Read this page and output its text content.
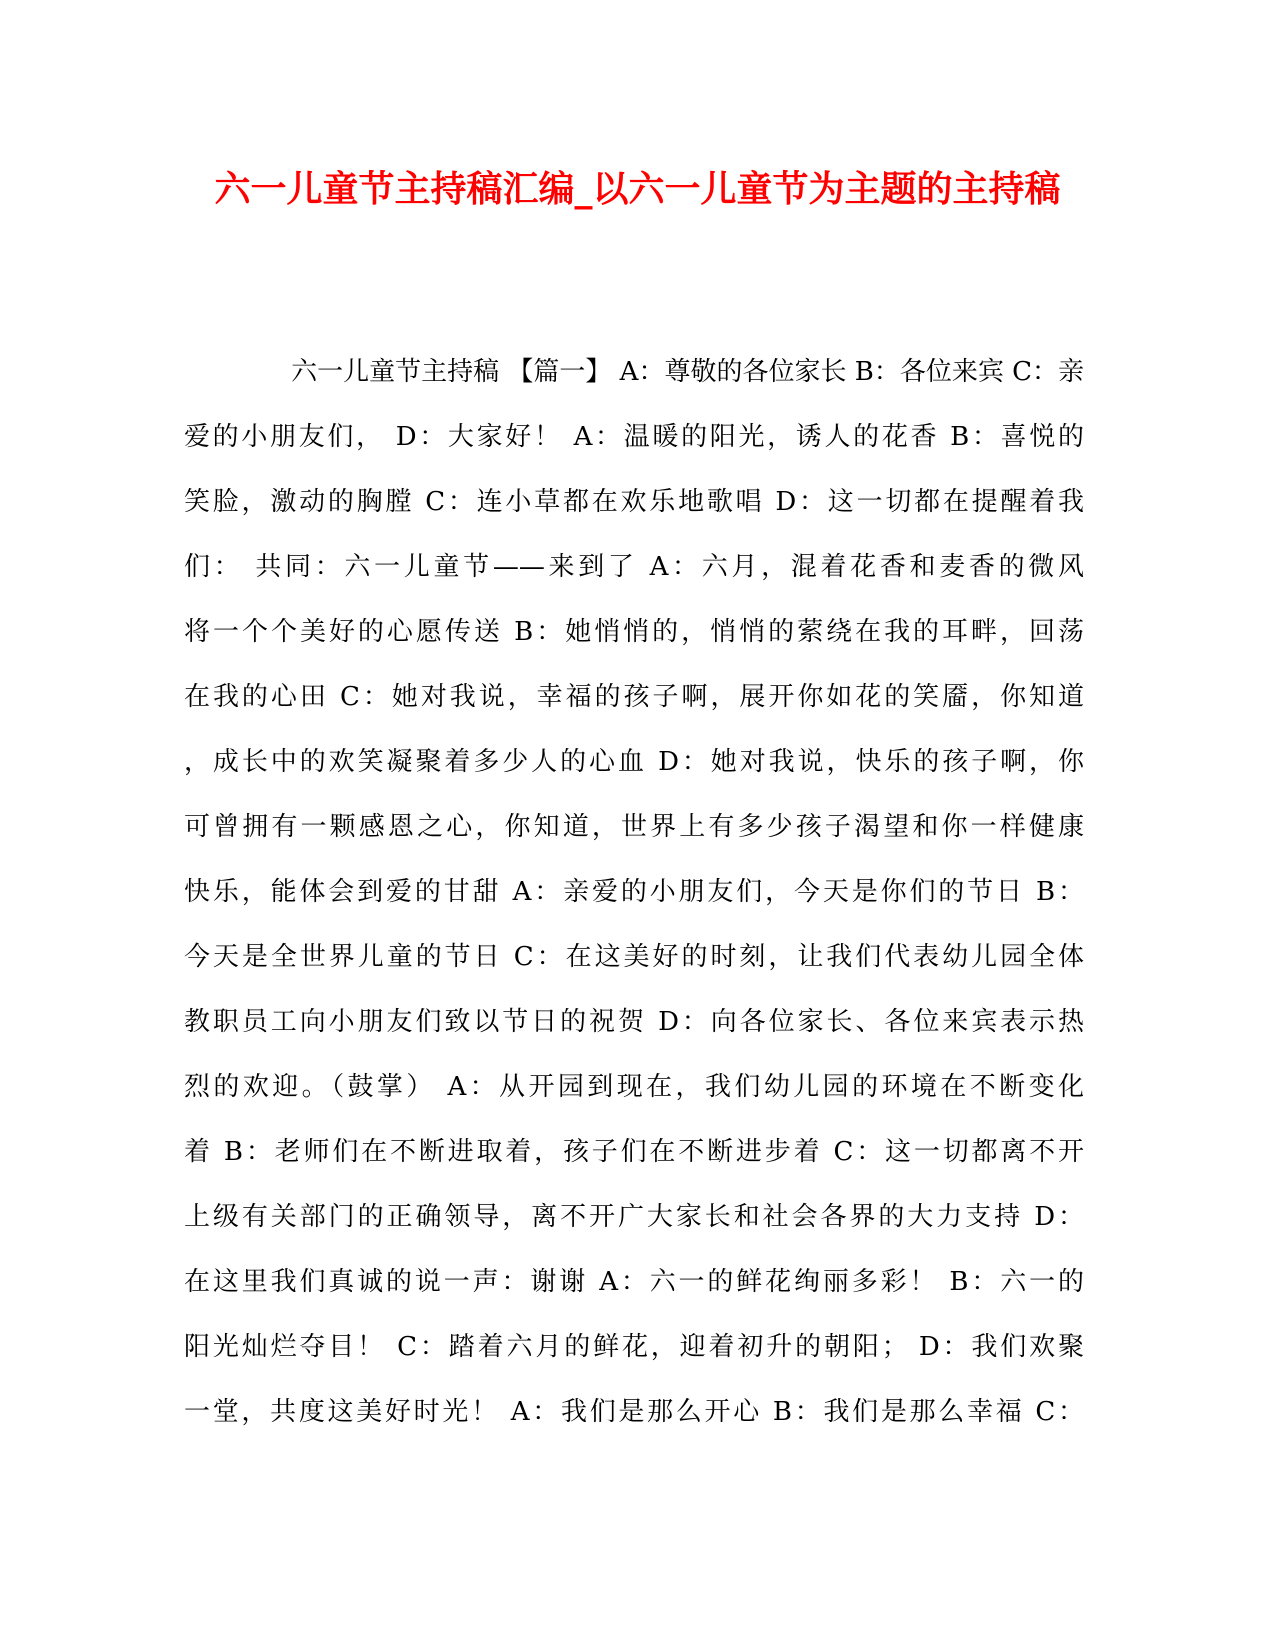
六一儿童节主持稿汇编_以六一儿童节为主题的主持稿
六一儿童节主持稿 【篇一】 A：尊敬的各位家长 B：各位来宾 C：亲
爱的小朋友们， D：大家好！ A：温暖的阳光，诱人的花香 B：喜悦的
笑脸，激动的胸膛 C：连小草都在欢乐地歌唱 D：这一切都在提醒着我
们： 共同：六一儿童节——来到了 A：六月，混着花香和麦香的微风
将一个个美好的心愿传送 B：她悄悄的，悄悄的萦绕在我的耳畔，回荡
在我的心田 C：她对我说，幸福的孩子啊，展开你如花的笑靥，你知道
，成长中的欢笑凝聚着多少人的心血 D：她对我说，快乐的孩子啊，你
可曾拥有一颗感恩之心，你知道，世界上有多少孩子渴望和你一样健康
快乐，能体会到爱的甘甜 A：亲爱的小朋友们，今天是你们的节日 B：
今天是全世界儿童的节日 C：在这美好的时刻，让我们代表幼儿园全体
教职员工向小朋友们致以节日的祝贺 D：向各位家长、各位来宾表示热
烈的欢迎。（鼓掌） A：从开园到现在，我们幼儿园的环境在不断变化
着 B：老师们在不断进取着，孩子们在不断进步着 C：这一切都离不开
上级有关部门的正确领导，离不开广大家长和社会各界的大力支持 D：
在这里我们真诚的说一声：谢谢 A：六一的鲜花绚丽多彩！ B：六一的
阳光灿烂夺目！ C：踏着六月的鲜花，迎着初升的朝阳； D：我们欢聚
一堂，共度这美好时光！ A：我们是那么开心 B：我们是那么幸福 C：
